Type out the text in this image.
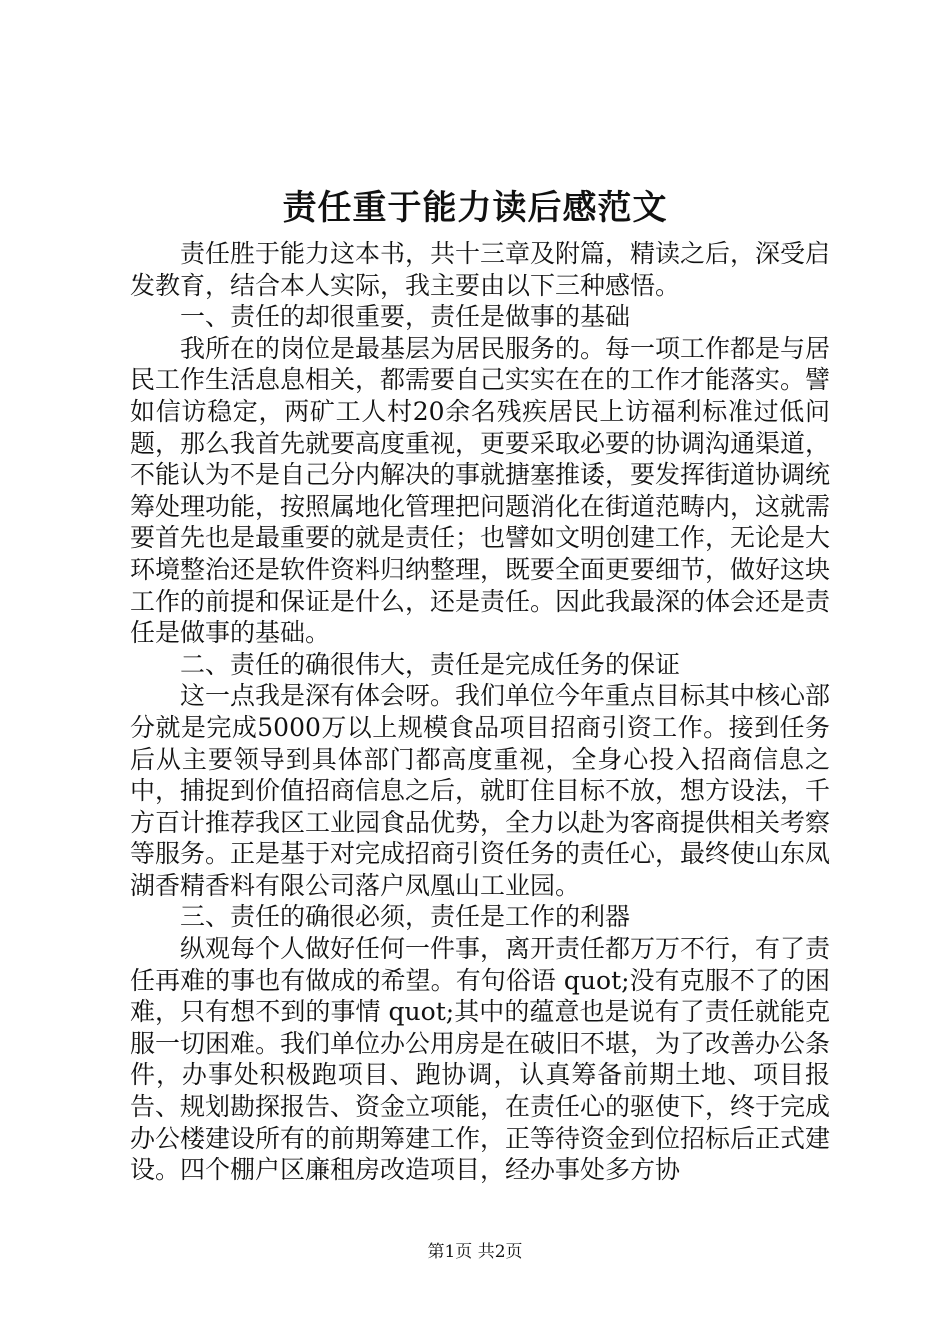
责任重于能力读后感范文

责任胜于能力这本书，共十三章及附篇，精读之后，深受启发教育，结合本人实际，我主要由以下三种感悟。

一、责任的却很重要，责任是做事的基础

我所在的岗位是最基层为居民服务的。每一项工作都是与居民工作生活息息相关，都需要自己实实在在的工作才能落实。譬如信访稳定，两矿工人村20余名残疾居民上访福利标准过低问题，那么我首先就要高度重视，更要采取必要的协调沟通渠道，不能认为不是自己分内解决的事就搪塞推诿，要发挥街道协调统筹处理功能，按照属地化管理把问题消化在街道范畴内，这就需要首先也是最重要的就是责任；也譬如文明创建工作，无论是大环境整治还是软件资料归纳整理，既要全面更要细节，做好这块工作的前提和保证是什么，还是责任。因此我最深的体会还是责任是做事的基础。

二、责任的确很伟大，责任是完成任务的保证

这一点我是深有体会呀。我们单位今年重点目标其中核心部分就是完成5000万以上规模食品项目招商引资工作。接到任务后从主要领导到具体部门都高度重视，全身心投入招商信息之中，捕捉到价值招商信息之后，就盯住目标不放，想方设法，千方百计推荐我区工业园食品优势，全力以赴为客商提供相关考察等服务。正是基于对完成招商引资任务的责任心，最终使山东凤湖香精香料有限公司落户凤凰山工业园。

三、责任的确很必须，责任是工作的利器

纵观每个人做好任何一件事，离开责任都万万不行，有了责任再难的事也有做成的希望。有句俗语 quot;没有克服不了的困难，只有想不到的事情 quot;其中的蕴意也是说有了责任就能克服一切困难。我们单位办公用房是在破旧不堪，为了改善办公条件，办事处积极跑项目、跑协调，认真筹备前期土地、项目报告、规划勘探报告、资金立项能，在责任心的驱使下，终于完成办公楼建设所有的前期筹建工作，正等待资金到位招标后正式建设。四个棚户区廉租房改造项目，经办事处多方协

第1页 共2页
